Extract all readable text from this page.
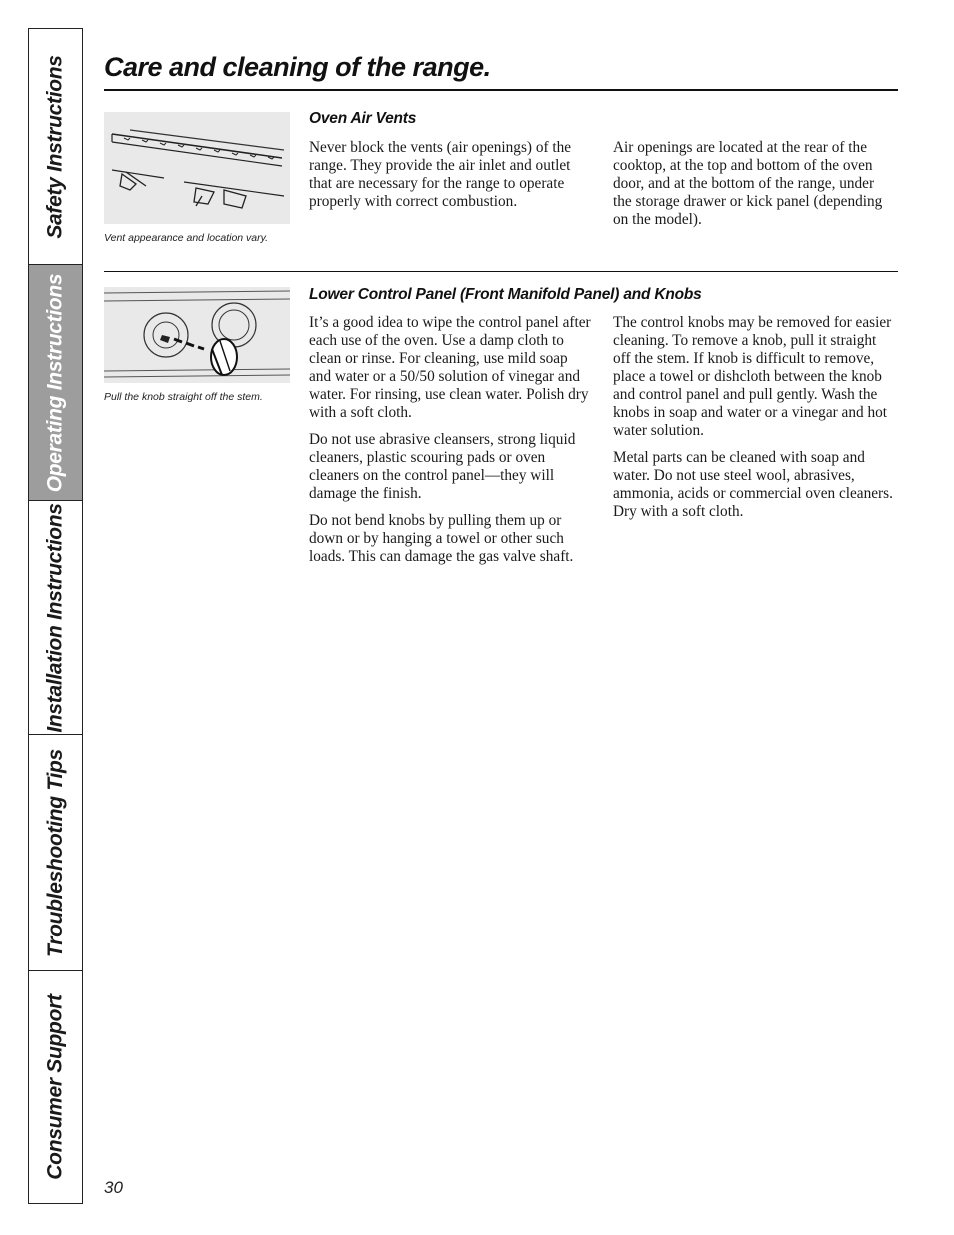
Safety Instructions
Operating Instructions
Installation Instructions
Troubleshooting Tips
Consumer Support
Care and cleaning of the range.

Vent appearance and location vary.

Oven Air Vents

Never block the vents (air openings) of the range. They provide the air inlet and outlet that are necessary for the range to operate properly with correct combustion.

Air openings are located at the rear of the cooktop, at the top and bottom of the oven door, and at the bottom of the range, under the storage drawer or kick panel (depending on the model).

Pull the knob straight off the stem.

Lower Control Panel (Front Manifold Panel) and Knobs

It’s a good idea to wipe the control panel after each use of the oven. Use a damp cloth to clean or rinse. For cleaning, use mild soap and water or a 50/50 solution of vinegar and water. For rinsing, use clean water. Polish dry with a soft cloth.

Do not use abrasive cleansers, strong liquid cleaners, plastic scouring pads or oven cleaners on the control panel—they will damage the finish.

Do not bend knobs by pulling them up or down or by hanging a towel or other such loads. This can damage the gas valve shaft.

The control knobs may be removed for easier cleaning. To remove a knob, pull it straight off the stem. If knob is difficult to remove, place a towel or dishcloth between the knob and control panel and pull gently. Wash the knobs in soap and water or a vinegar and hot water solution.

Metal parts can be cleaned with soap and water. Do not use steel wool, abrasives, ammonia, acids or commercial oven cleaners. Dry with a soft cloth.

30
